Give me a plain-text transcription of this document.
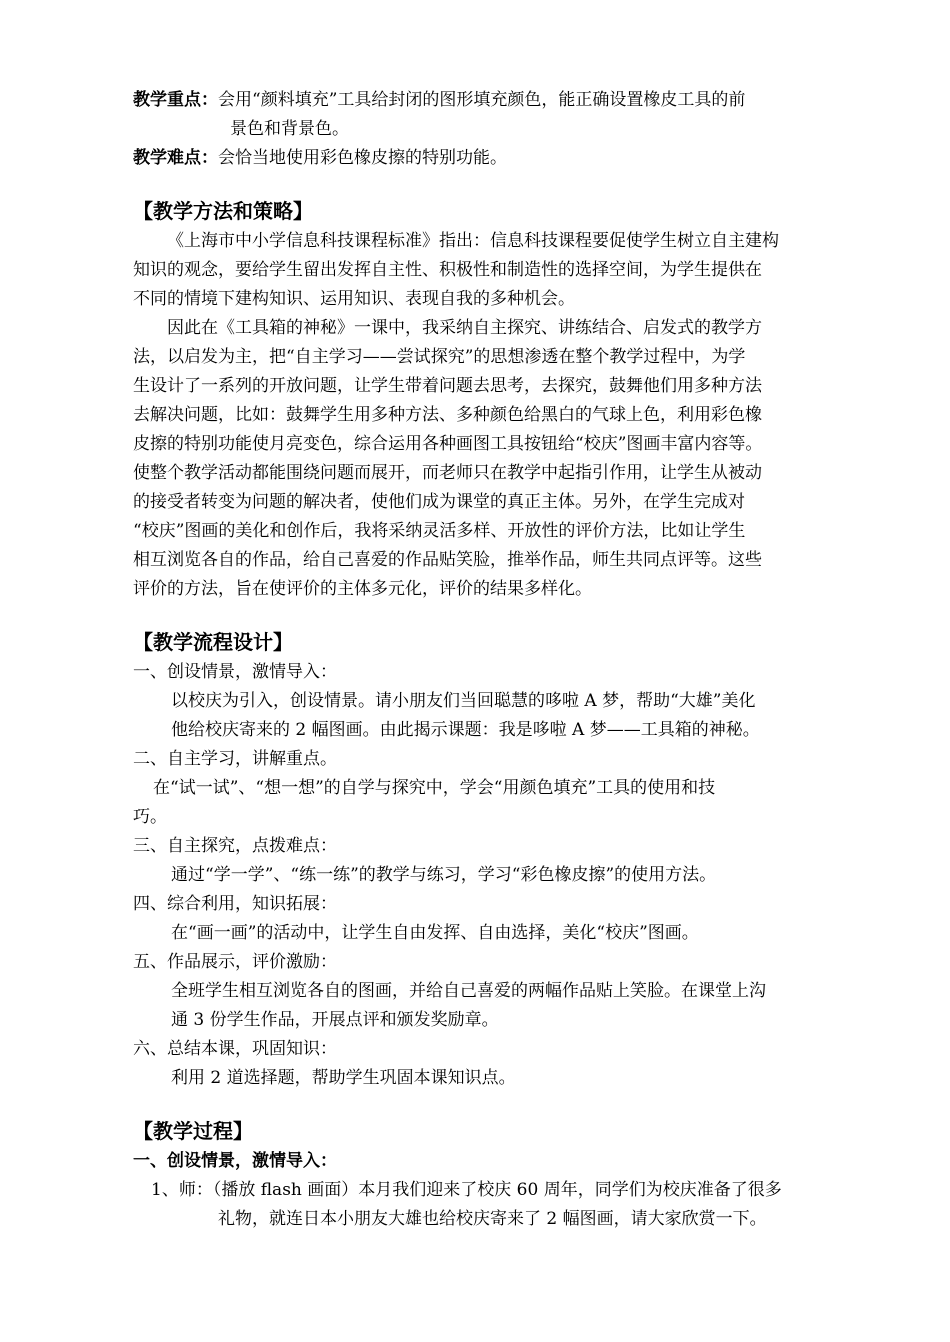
教学重点：会用“颜料填充”工具给封闭的图形填充颜色，能正确设置橡皮工具的前
景色和背景色。
教学难点：会恰当地使用彩色橡皮擦的特别功能。
【教学方法和策略】
《上海市中小学信息科技课程标准》指出：信息科技课程要促使学生树立自主建构
知识的观念，要给学生留出发挥自主性、积极性和制造性的选择空间，为学生提供在
不同的情境下建构知识、运用知识、表现自我的多种机会。
因此在《工具箱的神秘》一课中，我采纳自主探究、讲练结合、启发式的教学方
法，以启发为主，把“自主学习——尝试探究”的思想渗透在整个教学过程中，为学
生设计了一系列的开放问题，让学生带着问题去思考，去探究，鼓舞他们用多种方法
去解决问题，比如：鼓舞学生用多种方法、多种颜色给黑白的气球上色，利用彩色橡
皮擦的特别功能使月亮变色，综合运用各种画图工具按钮给“校庆”图画丰富内容等。
使整个教学活动都能围绕问题而展开，而老师只在教学中起指引作用，让学生从被动
的接受者转变为问题的解决者，使他们成为课堂的真正主体。另外，在学生完成对
“校庆”图画的美化和创作后，我将采纳灵活多样、开放性的评价方法，比如让学生
相互浏览各自的作品，给自己喜爱的作品贴笑脸，推举作品，师生共同点评等。这些
评价的方法，旨在使评价的主体多元化，评价的结果多样化。
【教学流程设计】
一、创设情景，激情导入：
以校庆为引入，创设情景。请小朋友们当回聪慧的哆啦 A 梦，帮助“大雄”美化
他给校庆寄来的 2 幅图画。由此揭示课题：我是哆啦 A 梦——工具箱的神秘。
二、自主学习，讲解重点。
在“试一试”、“想一想”的自学与探究中，学会“用颜色填充”工具的使用和技
巧。
三、自主探究，点拨难点：
通过“学一学”、“练一练”的教学与练习，学习“彩色橡皮擦”的使用方法。
四、综合利用，知识拓展：
在“画一画”的活动中，让学生自由发挥、自由选择，美化“校庆”图画。
五、作品展示，评价激励：
全班学生相互浏览各自的图画，并给自己喜爱的两幅作品贴上笑脸。在课堂上沟
通 3 份学生作品，开展点评和颁发奖励章。
六、总结本课，巩固知识：
利用 2 道选择题，帮助学生巩固本课知识点。
【教学过程】
一、创设情景，激情导入：
1、师：（播放 flash 画面）本月我们迎来了校庆 60 周年，同学们为校庆准备了很多
礼物，就连日本小朋友大雄也给校庆寄来了 2 幅图画，请大家欣赏一下。
